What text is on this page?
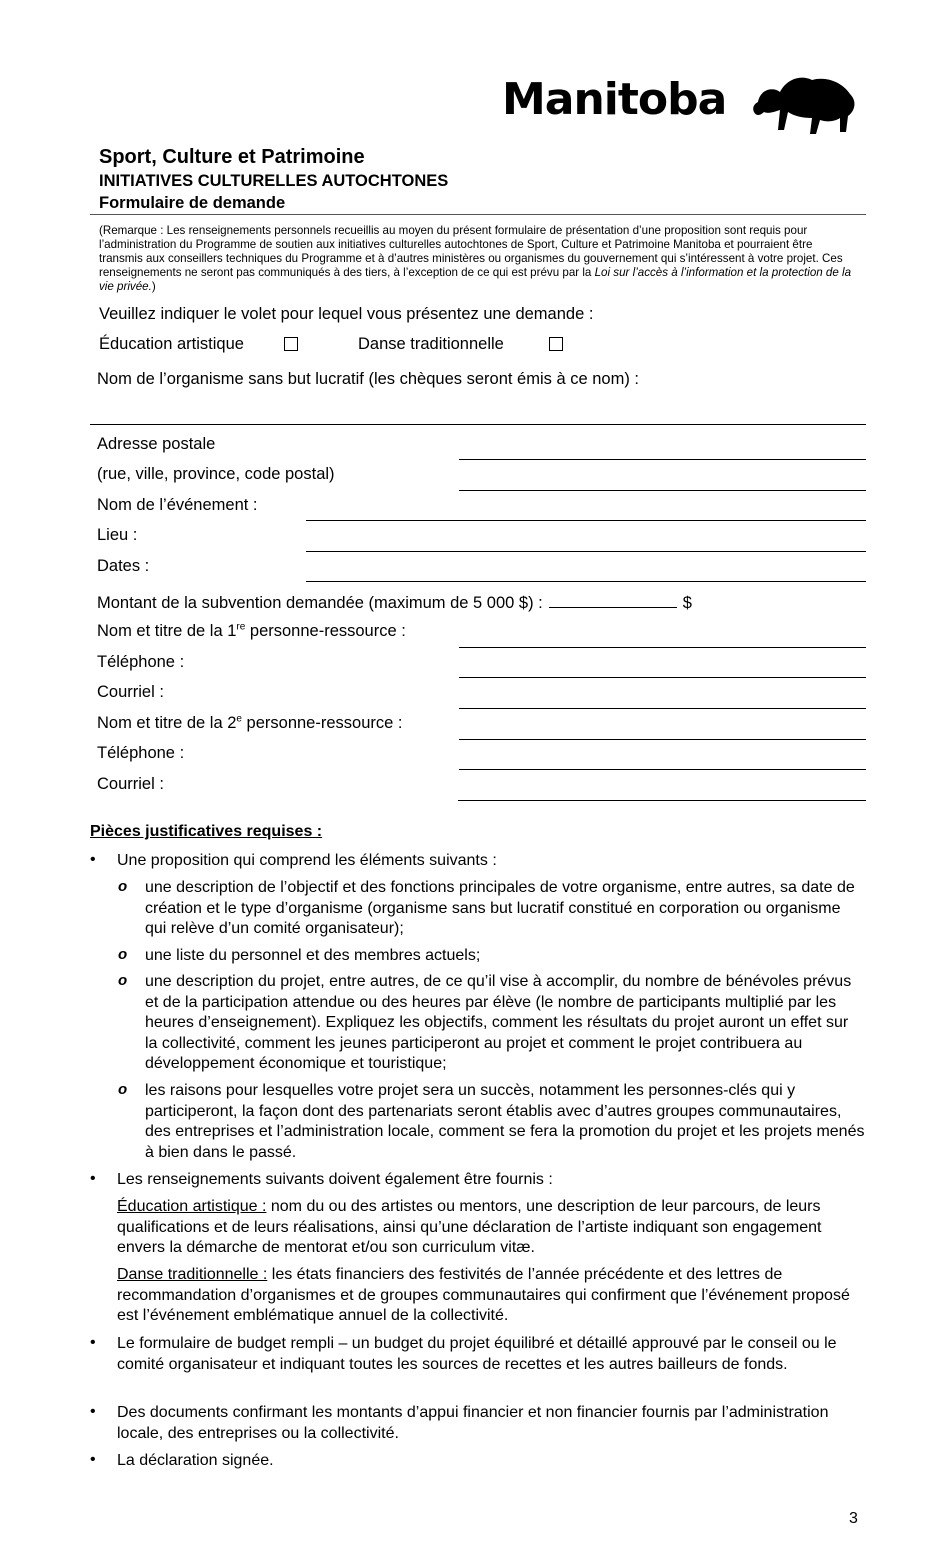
Manitoba
Sport, Culture et Patrimoine
INITIATIVES CULTURELLES AUTOCHTONES
Formulaire de demande
(Remarque : Les renseignements personnels recueillis au moyen du présent formulaire de présentation d’une proposition sont requis pour l’administration du Programme de soutien aux initiatives culturelles autochtones de Sport, Culture et Patrimoine Manitoba et pourraient être transmis aux conseillers techniques du Programme et à d’autres ministères ou organismes du gouvernement qui s’intéressent à votre projet. Ces renseignements ne seront pas communiqués à des tiers, à l’exception de ce qui est prévu par la Loi sur l’accès à l’information et la protection de la vie privée.)
Veuillez indiquer le volet pour lequel vous présentez une demande :
Éducation artistique	Danse traditionnelle
Nom de l’organisme sans but lucratif (les chèques seront émis à ce nom) :
Adresse postale
(rue, ville, province, code postal)
Nom de l’événement :
Lieu :
Dates :
Montant de la subvention demandée (maximum de 5 000 $) :	$
Nom et titre de la 1re personne-ressource :
Téléphone :
Courriel :
Nom et titre de la 2e personne-ressource :
Téléphone :
Courriel :
Pièces justificatives requises :
• Une proposition qui comprend les éléments suivants :
o une description de l’objectif et des fonctions principales de votre organisme, entre autres, sa date de création et le type d’organisme (organisme sans but lucratif constitué en corporation ou organisme qui relève d’un comité organisateur);
o une liste du personnel et des membres actuels;
o une description du projet, entre autres, de ce qu’il vise à accomplir, du nombre de bénévoles prévus et de la participation attendue ou des heures par élève (le nombre de participants multiplié par les heures d’enseignement). Expliquez les objectifs, comment les résultats du projet auront un effet sur la collectivité, comment les jeunes participeront au projet et comment le projet contribuera au développement économique et touristique;
o les raisons pour lesquelles votre projet sera un succès, notamment les personnes-clés qui y participeront, la façon dont des partenariats seront établis avec d’autres groupes communautaires, des entreprises et l’administration locale, comment se fera la promotion du projet et les projets menés à bien dans le passé.
• Les renseignements suivants doivent également être fournis :
Éducation artistique : nom du ou des artistes ou mentors, une description de leur parcours, de leurs qualifications et de leurs réalisations, ainsi qu’une déclaration de l’artiste indiquant son engagement envers la démarche de mentorat et/ou son curriculum vitæ.
Danse traditionnelle : les états financiers des festivités de l’année précédente et des lettres de recommandation d’organismes et de groupes communautaires qui confirment que l’événement proposé est l’événement emblématique annuel de la collectivité.
• Le formulaire de budget rempli – un budget du projet équilibré et détaillé approuvé par le conseil ou le comité organisateur et indiquant toutes les sources de recettes et les autres bailleurs de fonds.
• Des documents confirmant les montants d’appui financier et non financier fournis par l’administration locale, des entreprises ou la collectivité.
• La déclaration signée.
3
